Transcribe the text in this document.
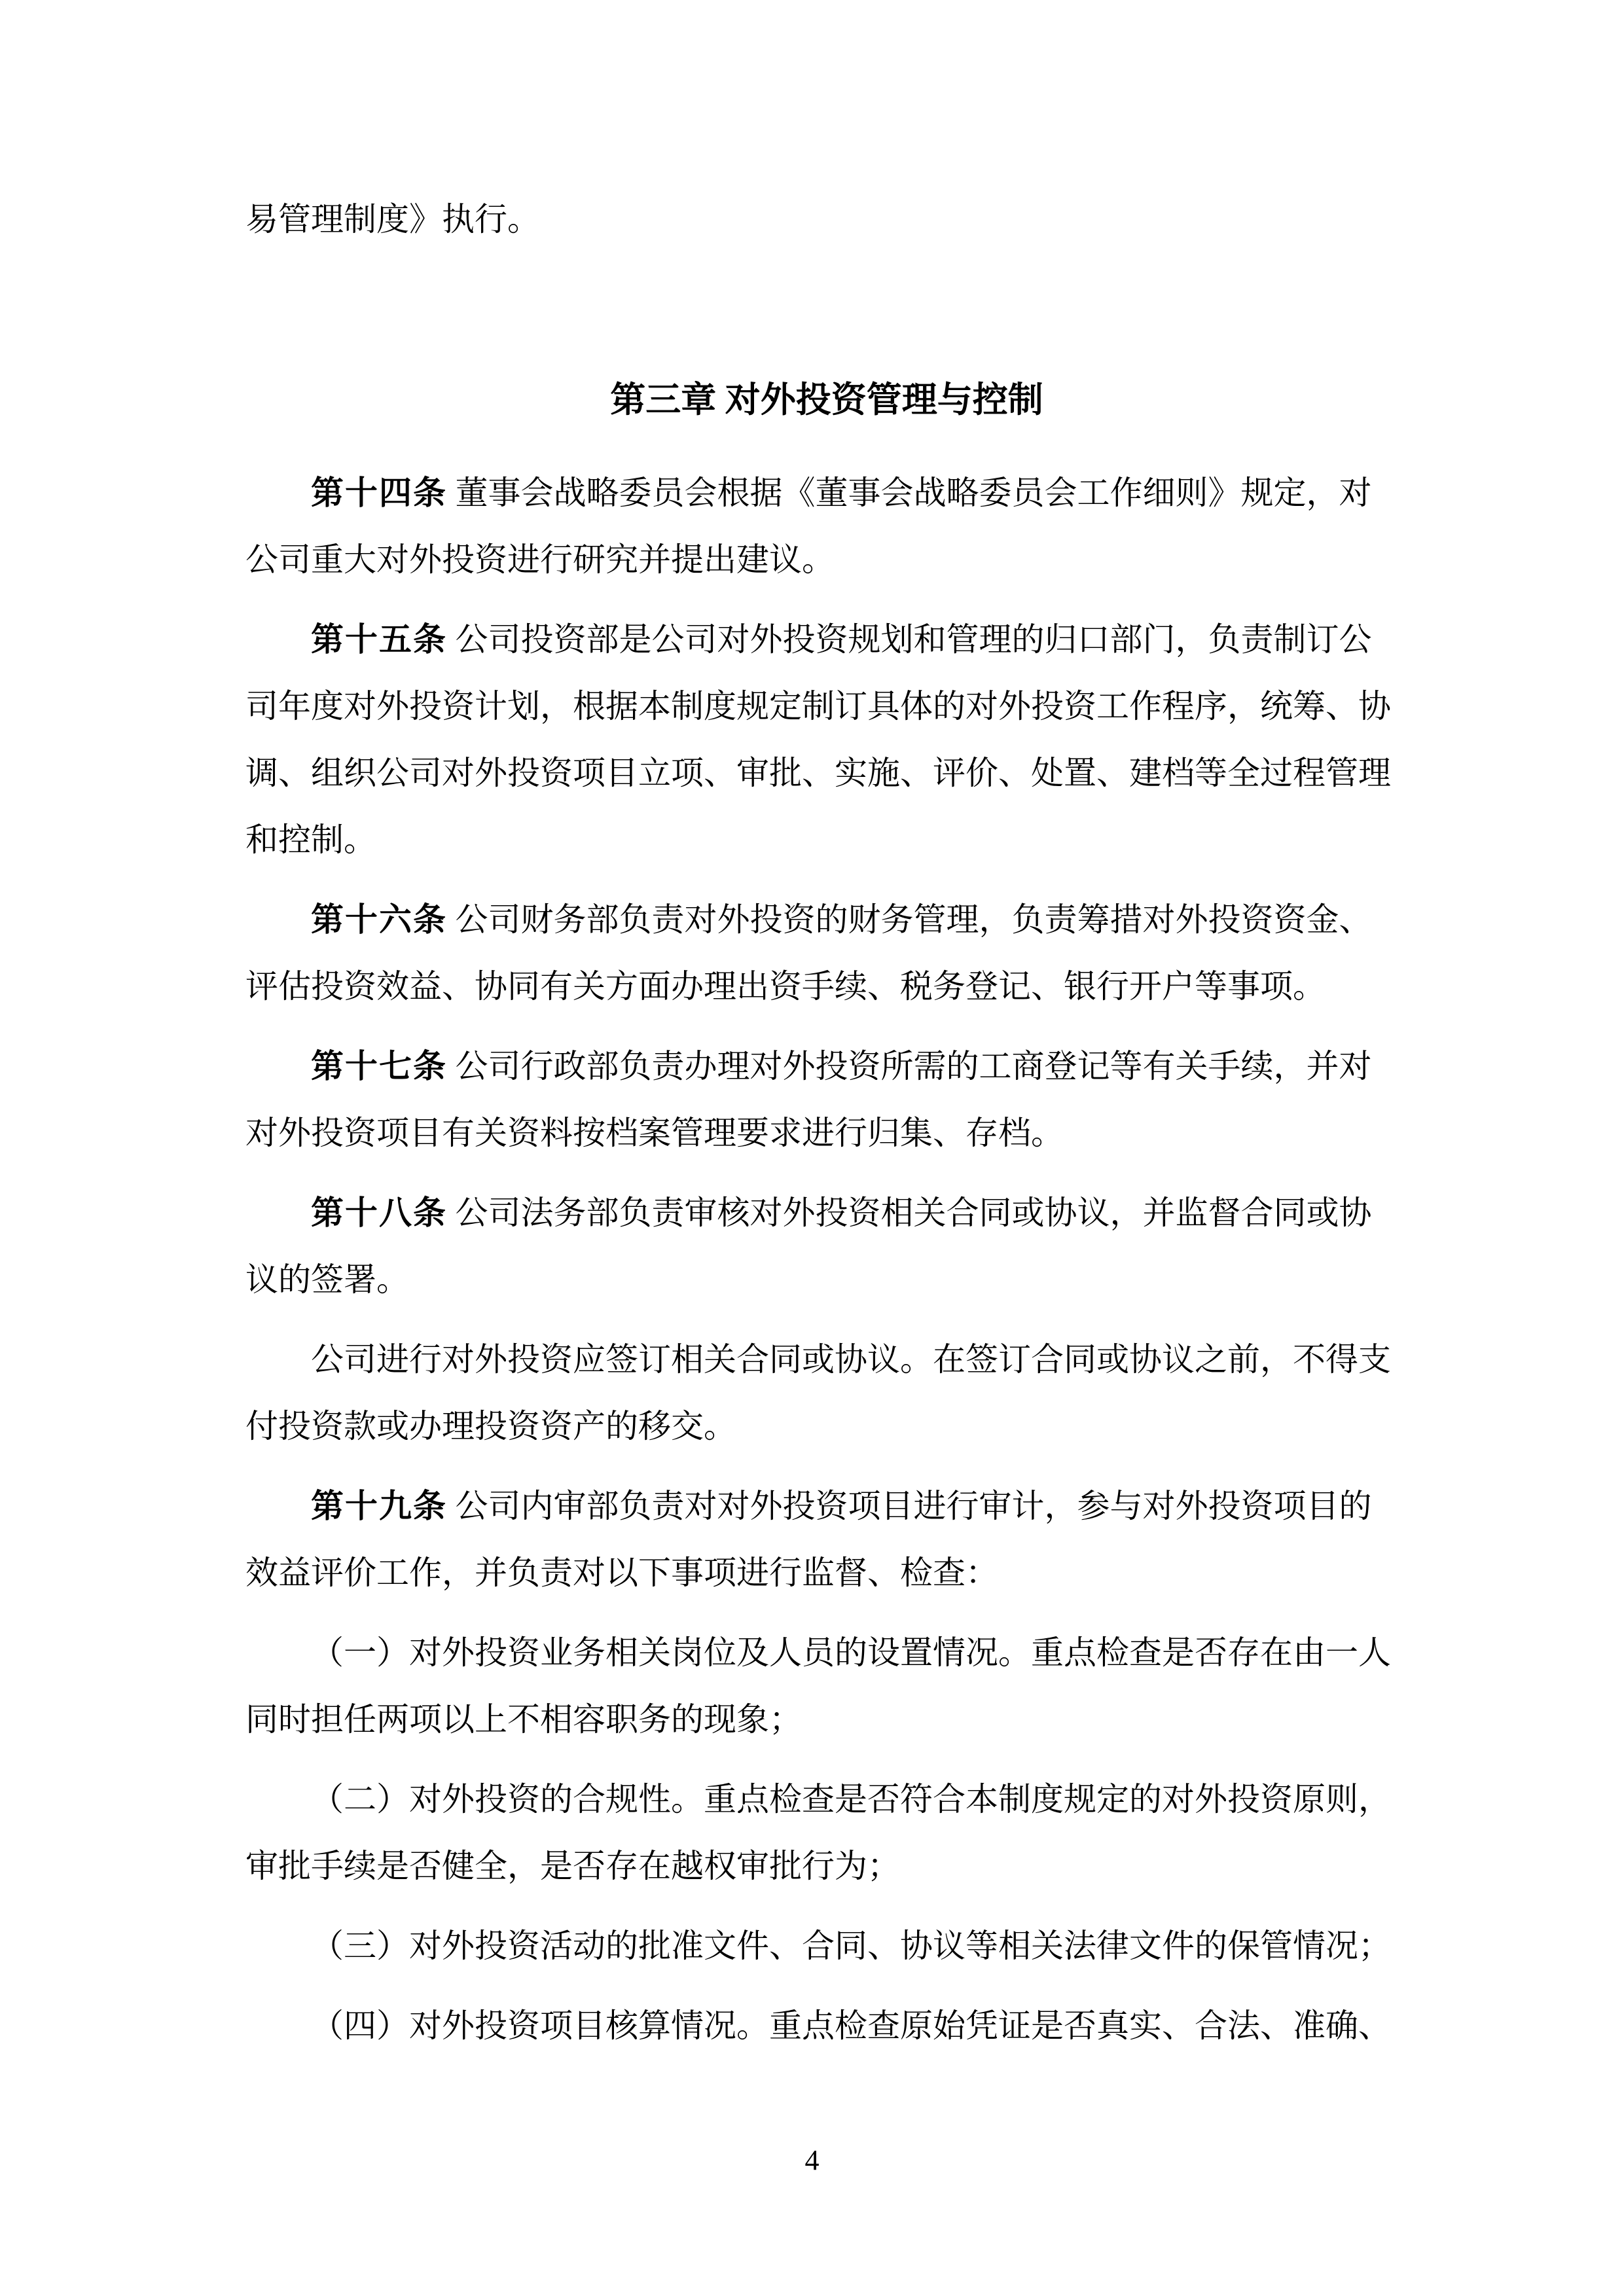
易管理制度》执行。
第三章 对外投资管理与控制
第十四条 董事会战略委员会根据《董事会战略委员会工作细则》规定，对
公司重大对外投资进行研究并提出建议。
第十五条 公司投资部是公司对外投资规划和管理的归口部门，负责制订公
司年度对外投资计划，根据本制度规定制订具体的对外投资工作程序，统筹、协
调、组织公司对外投资项目立项、审批、实施、评价、处置、建档等全过程管理
和控制。
第十六条 公司财务部负责对外投资的财务管理，负责筹措对外投资资金、
评估投资效益、协同有关方面办理出资手续、税务登记、银行开户等事项。
第十七条 公司行政部负责办理对外投资所需的工商登记等有关手续，并对
对外投资项目有关资料按档案管理要求进行归集、存档。
第十八条 公司法务部负责审核对外投资相关合同或协议，并监督合同或协
议的签署。
公司进行对外投资应签订相关合同或协议。在签订合同或协议之前，不得支
付投资款或办理投资资产的移交。
第十九条 公司内审部负责对对外投资项目进行审计，参与对外投资项目的
效益评价工作，并负责对以下事项进行监督、检查：
（一）对外投资业务相关岗位及人员的设置情况。重点检查是否存在由一人
同时担任两项以上不相容职务的现象；
（二）对外投资的合规性。重点检查是否符合本制度规定的对外投资原则，
审批手续是否健全，是否存在越权审批行为；
（三）对外投资活动的批准文件、合同、协议等相关法律文件的保管情况；
（四）对外投资项目核算情况。重点检查原始凭证是否真实、合法、准确、
4
